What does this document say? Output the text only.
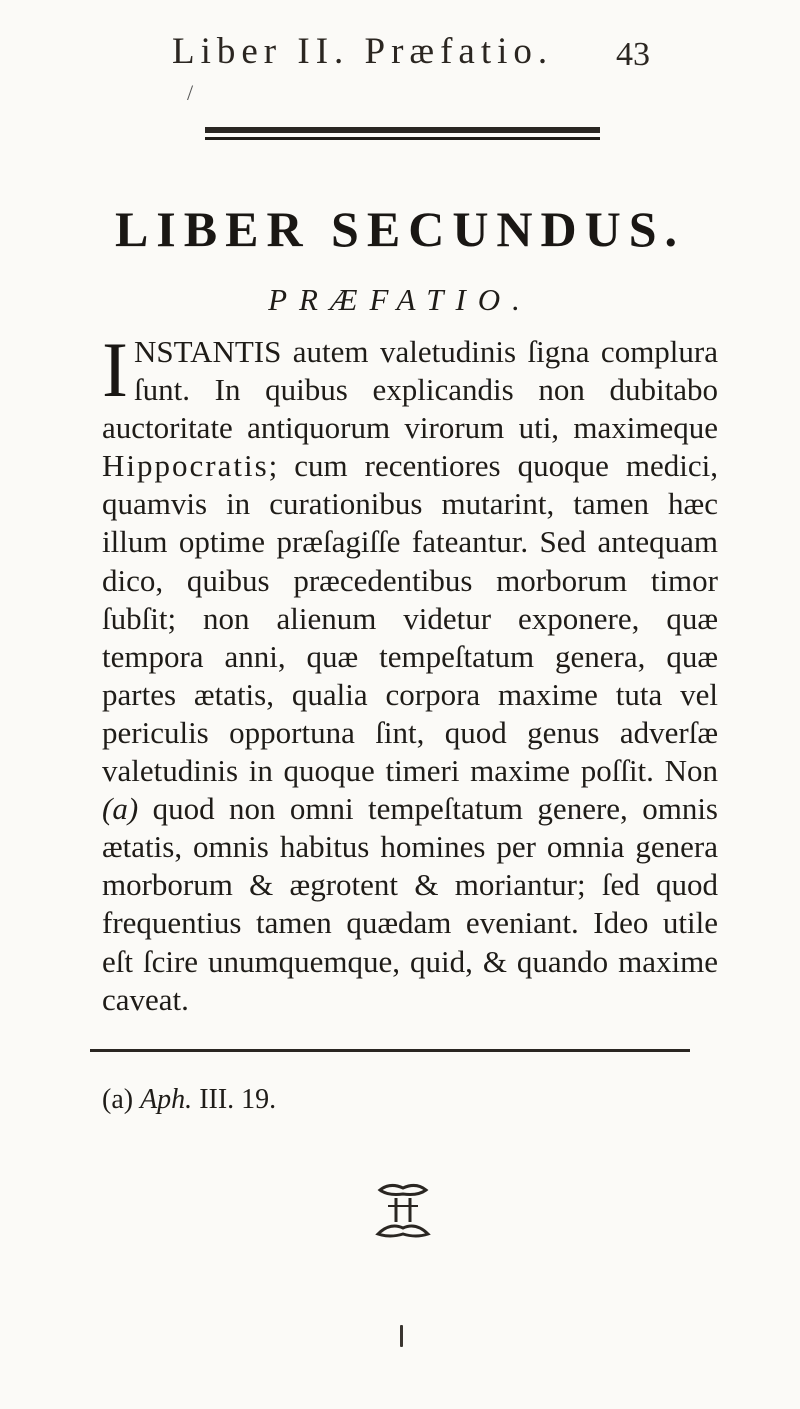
Liber II. Præfatio. 43
/
LIBER SECUNDUS.
PRÆFATIO.
INSTANTIS autem valetudinis ſigna complura ſunt. In quibus explicandis non dubitabo auctoritate antiquorum virorum uti, maximeque Hippocratis; cum recentiores quoque medici, quamvis in curationibus mutarint, tamen hæc illum optime præſagiſſe fateantur. Sed antequam dico, quibus præcedentibus morborum timor ſubſit; non alienum videtur exponere, quæ tempora anni, quæ tempeſtatum genera, quæ partes ætatis, qualia corpora maxime tuta vel periculis opportuna ſint, quod genus adverſæ valetudinis in quoque timeri maxime poſſit. Non (a) quod non omni tempeſtatum genere, omnis ætatis, omnis habitus homines per omnia genera morborum & ægrotent & moriantur; ſed quod frequentius tamen quædam eveniant. Ideo utile eſt ſcire unumquemque, quid, & quando maxime caveat.
(a) Aph. III. 19.
